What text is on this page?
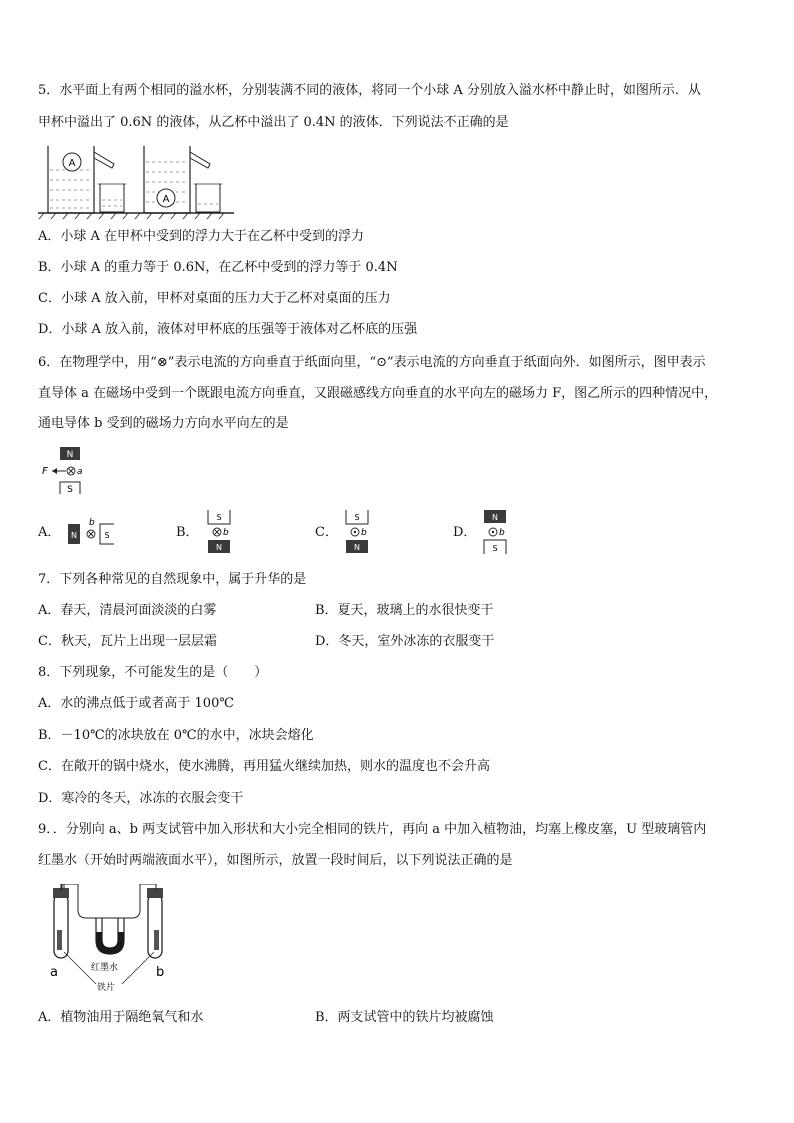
5．水平面上有两个相同的溢水杯，分别装满不同的液体，将同一个小球 A 分别放入溢水杯中静止时，如图所示．从
甲杯中溢出了 0.6N 的液体，从乙杯中溢出了 0.4N 的液体．下列说法不正确的是
A
A
A．小球 A 在甲杯中受到的浮力大于在乙杯中受到的浮力
B．小球 A 的重力等于 0.6N，在乙杯中受到的浮力等于 0.4N
C．小球 A 放入前，甲杯对桌面的压力大于乙杯对桌面的压力
D．小球 A 放入前，液体对甲杯底的压强等于液体对乙杯底的压强
6．在物理学中，用“⊗”表示电流的方向垂直于纸面向里，“⊙”表示电流的方向垂直于纸面向外．如图所示，图甲表示
直导体 a 在磁场中受到一个既跟电流方向垂直，又跟磁感线方向垂直的水平向左的磁场力 F，图乙所示的四种情况中，
通电导体 b 受到的磁场力方向水平向左的是
N
F	a
S
A． N
b
S	B．
S
b
N
C．
S
b
N
D．
N
b
S
7．下列各种常见的自然现象中，属于升华的是
A．春天，清晨河面淡淡的白雾	B．夏天，玻璃上的水很快变干
C．秋天，瓦片上出现一层层霜	D．冬天，室外冰冻的衣服变干
8．下列现象，不可能发生的是（　　）
A．水的沸点低于或者高于 100℃
B．－10℃的冰块放在 0℃的水中，冰块会熔化
C．在敞开的锅中烧水，使水沸腾，再用猛火继续加热，则水的温度也不会升高
D．寒冷的冬天，冰冻的衣服会变干
9．．分别向 a、b 两支试管中加入形状和大小完全相同的铁片，再向 a 中加入植物油，均塞上橡皮塞，U 型玻璃管内
红墨水（开始时两端液面水平），如图所示，放置一段时间后，以下列说法正确的是
红墨水
a	b
铁片
A．植物油用于隔绝氧气和水	B．两支试管中的铁片均被腐蚀
